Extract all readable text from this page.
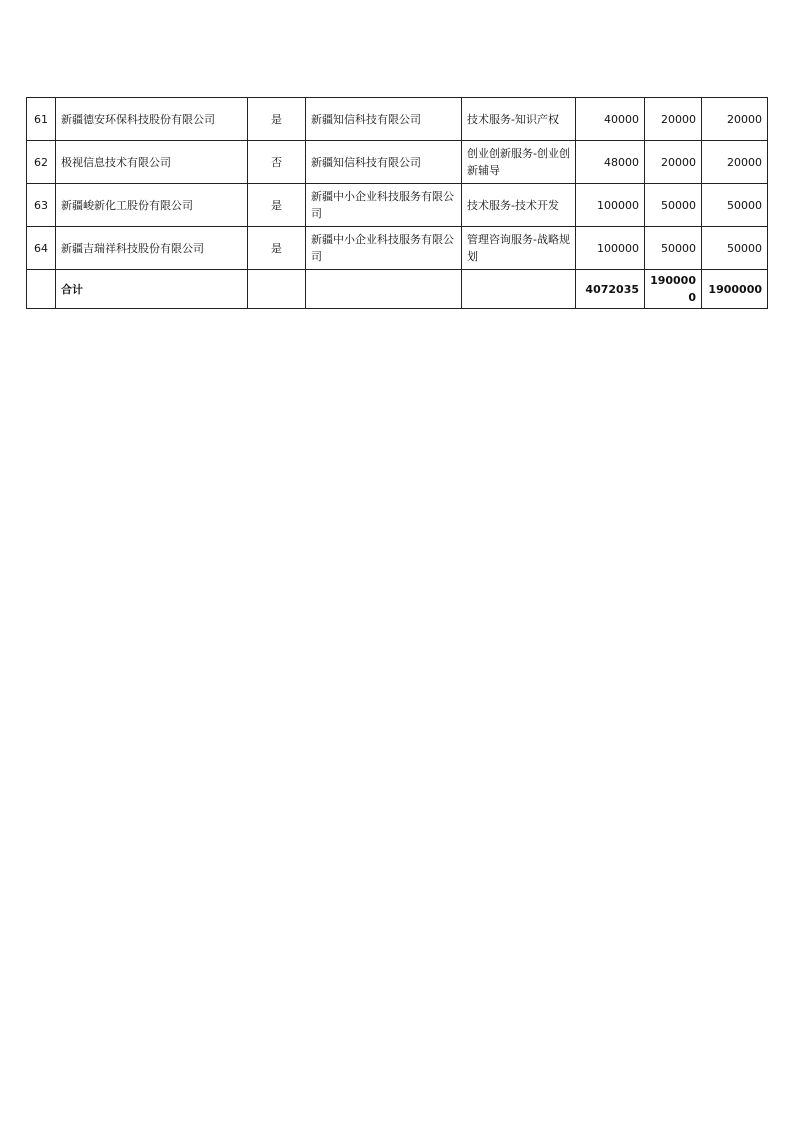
61	新疆德安环保科技股份有限公司	是	新疆知信科技有限公司	技术服务-知识产权	40000	20000	20000
62	极视信息技术有限公司	否	新疆知信科技有限公司	创业创新服务-创业创新辅导	48000	20000	20000
63	新疆峻新化工股份有限公司	是	新疆中小企业科技服务有限公司	技术服务-技术开发	100000	50000	50000
64	新疆吉瑞祥科技股份有限公司	是	新疆中小企业科技服务有限公司	管理咨询服务-战略规划	100000	50000	50000
	合计				4072035	1900000	1900000
